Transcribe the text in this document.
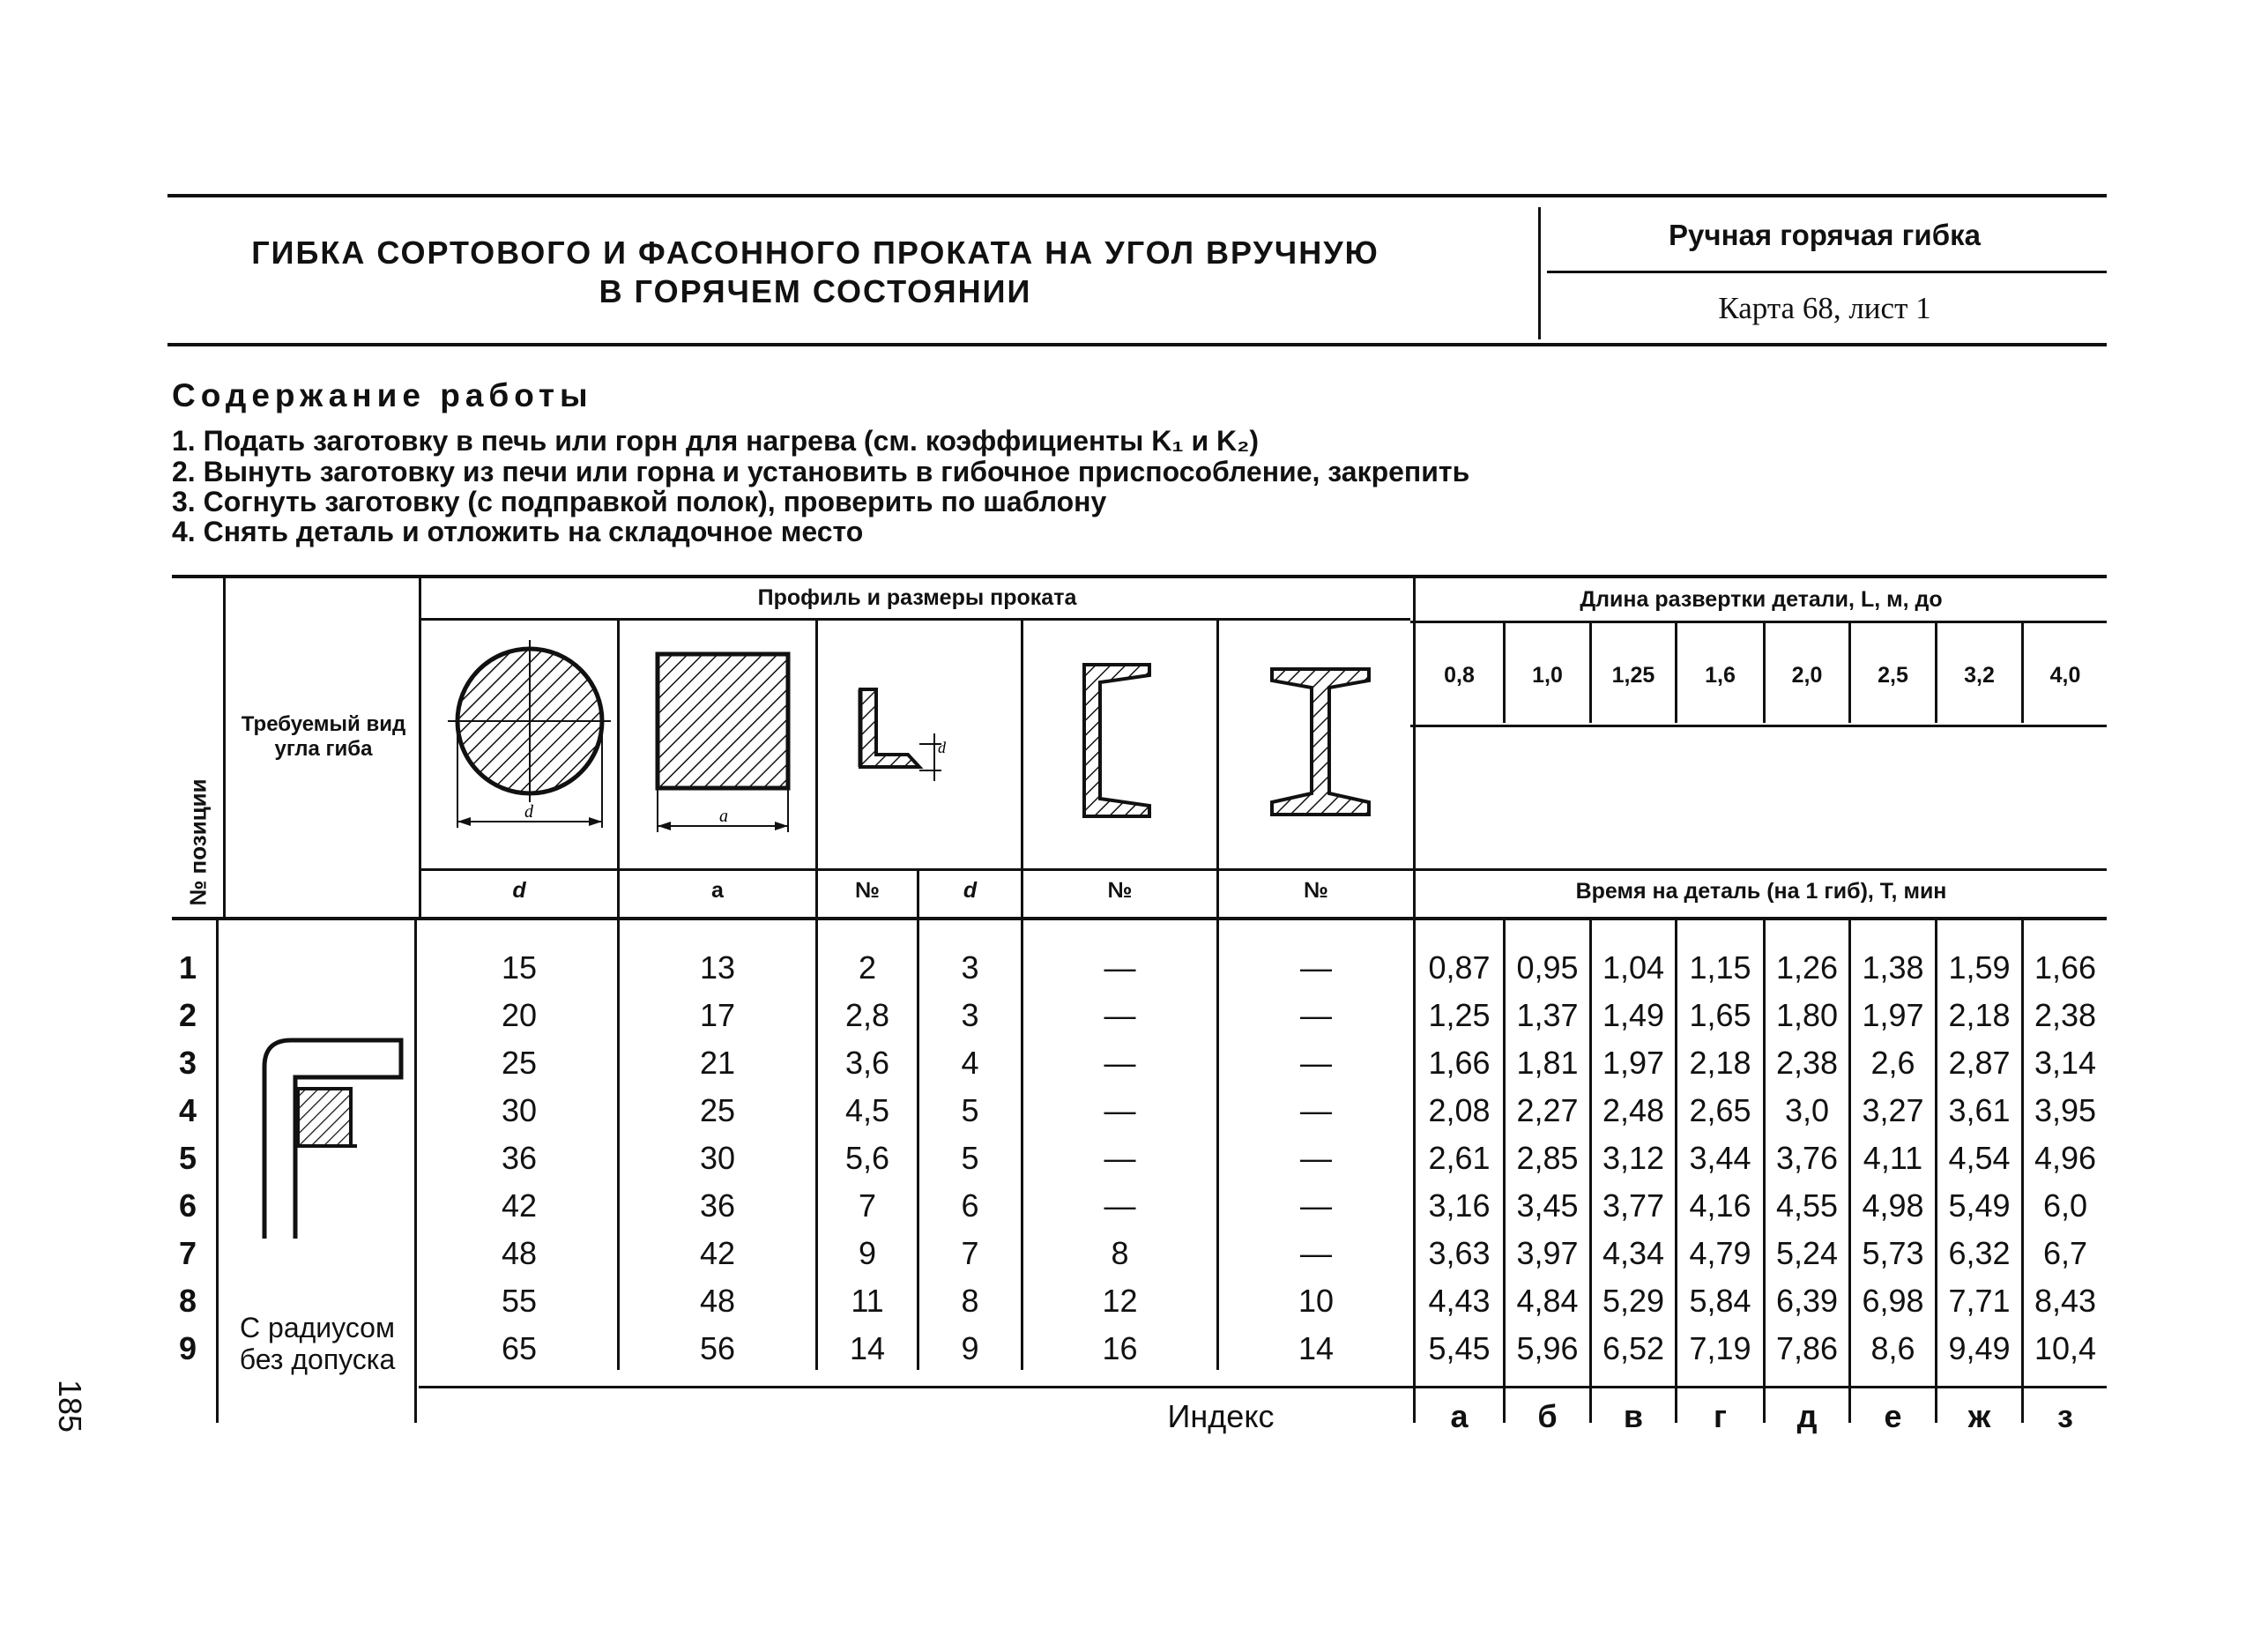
ГИБКА СОРТОВОГО И ФАСОННОГО ПРОКАТА НА УГОЛ ВРУЧНУЮ
В ГОРЯЧЕМ СОСТОЯНИИ
Ручная горячая гибка
Карта 68, лист 1
Содержание работы
1. Подать заготовку в печь или горн для нагрева (см. коэффициенты K₁ и K₂)
2. Вынуть заготовку из печи или горна и установить в гибочное приспособление, закрепить
3. Согнуть заготовку (с подправкой полок), проверить по шаблону
4. Снять деталь и отложить на складочное место
№ позиции
Требуемый вид угла гиба
Профиль и размеры проката	Длина развертки детали, L, м, до
Время на деталь (на 1 гиб), Т, мин
0,8	1,0	1,25	1,6	2,0	2,5	3,2	4,0
d	a	№	d	№	№
d	a
d
С радиусом без допуска
1	15	13	2	3	—	—	0,87 0,95 1,04 1,15 1,26 1,38 1,59 1,66
2	20	17	2,8	3	—	—	1,25 1,37 1,49 1,65 1,80 1,97 2,18 2,38
3	25	21	3,6	4	—	—	1,66 1,81 1,97 2,18 2,38	2,6	2,87 3,14
4	30	25	4,5	5	—	—	2,08 2,27 2,48 2,65	3,0	3,27 3,61 3,95
5	36	30	5,6	5	—	—	2,61 2,85 3,12 3,44 3,76 4,11 4,54 4,96
6	42	36	7	6	—	—	3,16 3,45 3,77 4,16 4,55 4,98 5,49	6,0
7	48	42	9	7	8	—	3,63 3,97 4,34 4,79 5,24 5,73 6,32	6,7
8	55	48	11	8	12	10	4,43 4,84 5,29 5,84 6,39 6,98 7,71 8,43
9	65	56	14	9	16	14	5,45 5,96 6,52 7,19 7,86	8,6	9,49 10,4
Индекс	а	б	в	г	д	е	ж	з
185
